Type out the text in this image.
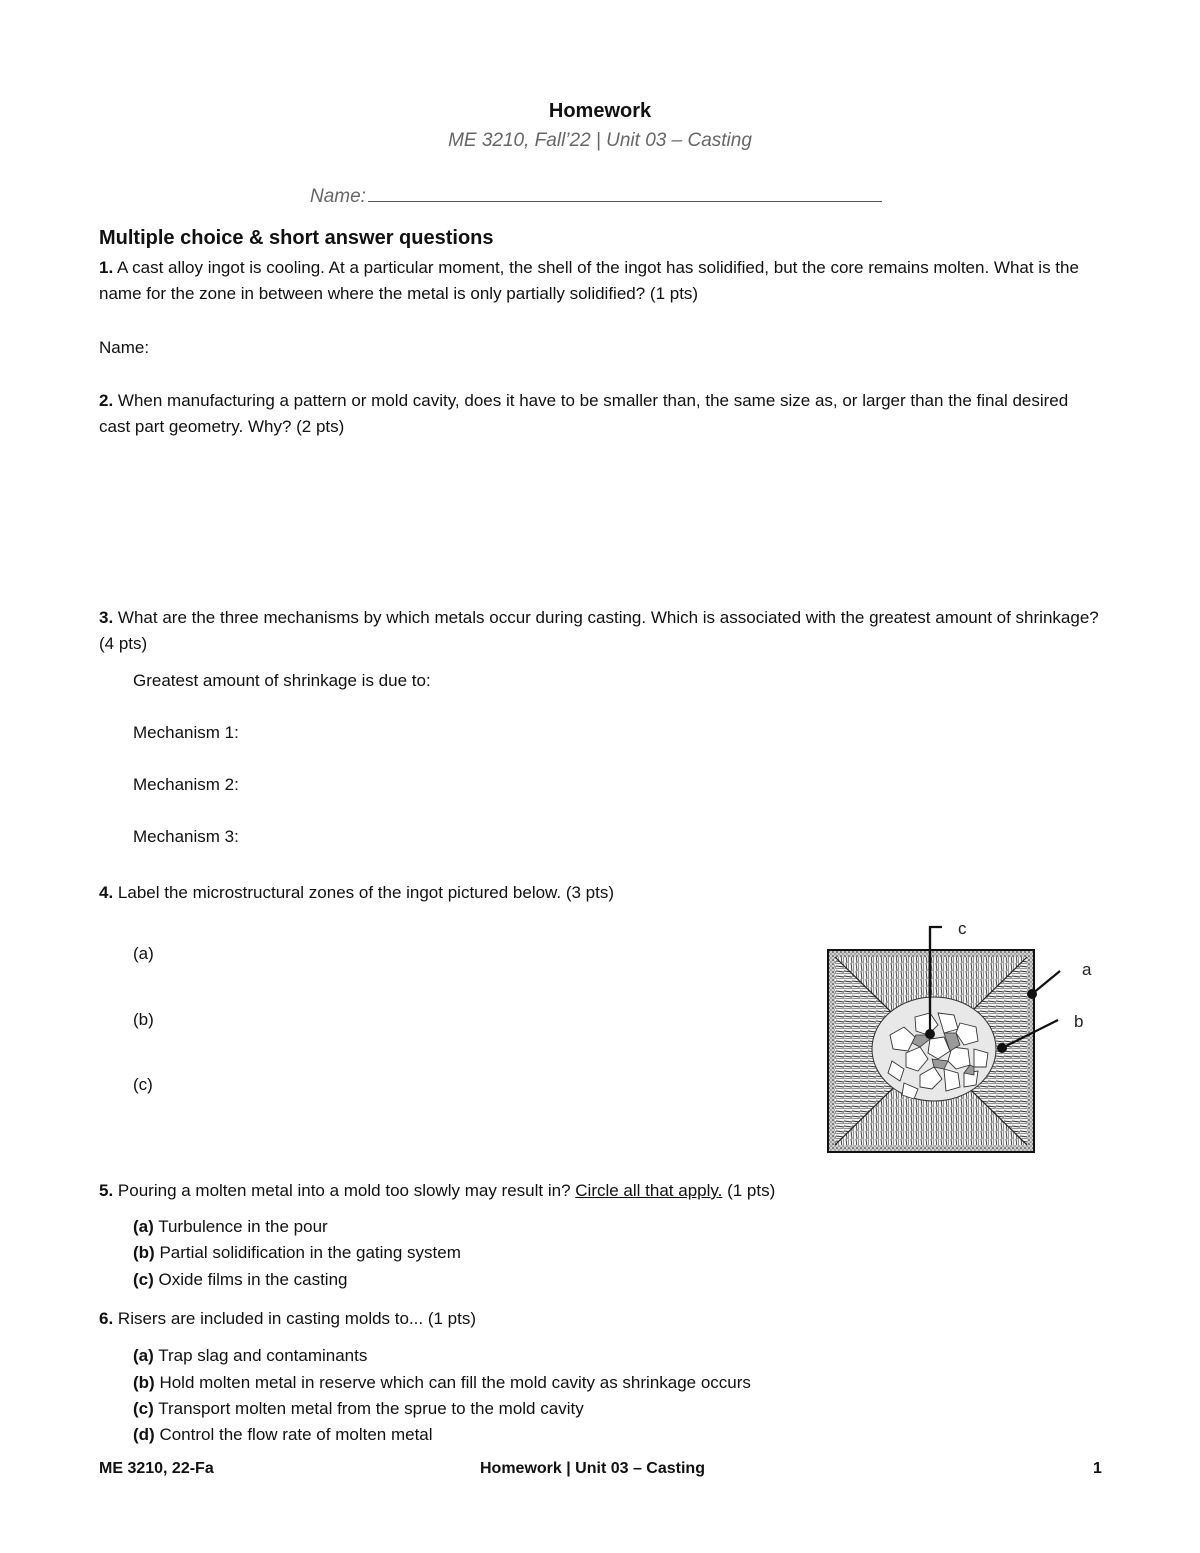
Homework
ME 3210, Fall’22 | Unit 03 – Casting
Name:
Multiple choice & short answer questions
1. A cast alloy ingot is cooling. At a particular moment, the shell of the ingot has solidified, but the core remains molten. What is the name for the zone in between where the metal is only partially solidified? (1 pts)
Name:
2. When manufacturing a pattern or mold cavity, does it have to be smaller than, the same size as, or larger than the final desired cast part geometry. Why? (2 pts)
3. What are the three mechanisms by which metals occur during casting. Which is associated with the greatest amount of shrinkage? (4 pts)
Greatest amount of shrinkage is due to:
Mechanism 1:
Mechanism 2:
Mechanism 3:
4. Label the microstructural zones of the ingot pictured below. (3 pts)
(a)
(b)
(c)
c
a
b
5. Pouring a molten metal into a mold too slowly may result in? Circle all that apply. (1 pts)
(a) Turbulence in the pour
(b) Partial solidification in the gating system
(c) Oxide films in the casting
6. Risers are included in casting molds to... (1 pts)
(a) Trap slag and contaminants
(b) Hold molten metal in reserve which can fill the mold cavity as shrinkage occurs
(c) Transport molten metal from the sprue to the mold cavity
(d) Control the flow rate of molten metal
ME 3210, 22-Fa	Homework | Unit 03 – Casting	1
